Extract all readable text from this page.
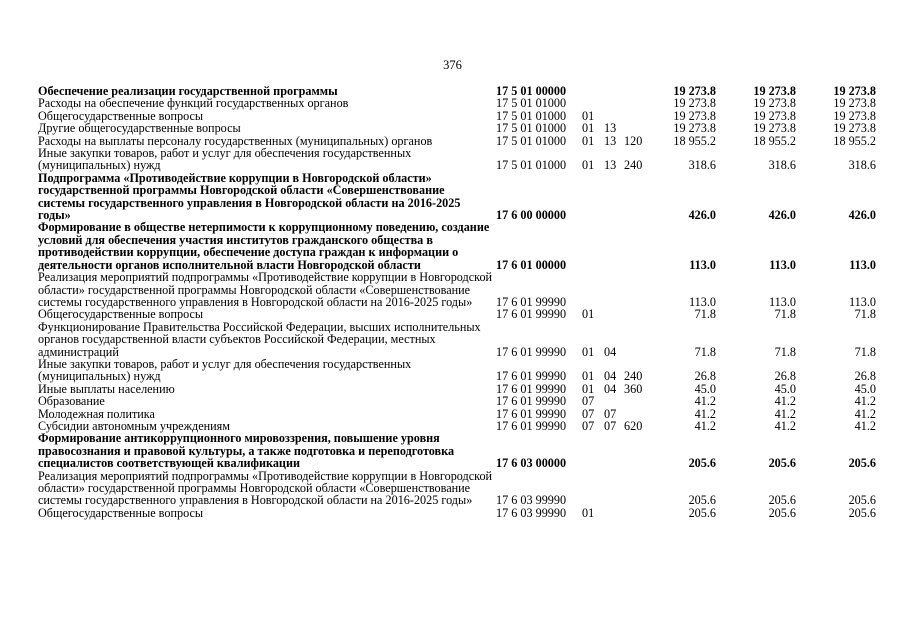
376
Обеспечение реализации государственной программы	17 5 01 00000	19 273.8	19 273.8	19 273.8
Расходы на обеспечение функций государственных органов	17 5 01 01000	19 273.8	19 273.8	19 273.8
Общегосударственные вопросы	17 5 01 01000	01	19 273.8	19 273.8	19 273.8
Другие общегосударственные вопросы	17 5 01 01000	01 13	19 273.8	19 273.8	19 273.8
Расходы на выплаты персоналу государственных (муниципальных) органов	17 5 01 01000	01 13 120	18 955.2	18 955.2	18 955.2
Иные закупки товаров, работ и услуг для обеспечения государственных (муниципальных) нужд	17 5 01 01000	01 13 240	318.6	318.6	318.6
Подпрограмма «Противодействие коррупции в Новгородской области» государственной программы Новгородской области «Совершенствование системы государственного управления в Новгородской области на 2016-2025 годы»	17 6 00 00000	426.0	426.0	426.0
Формирование в обществе нетерпимости к коррупционному поведению, создание условий для обеспечения участия институтов гражданского общества в противодействии коррупции, обеспечение доступа граждан к информации о деятельности органов исполнительной власти Новгородской области	17 6 01 00000	113.0	113.0	113.0
Реализация мероприятий подпрограммы «Противодействие коррупции в Новгородской области» государственной программы Новгородской области «Совершенствование системы государственного управления в Новгородской области на 2016-2025 годы»	17 6 01 99990	113.0	113.0	113.0
Общегосударственные вопросы	17 6 01 99990	01	71.8	71.8	71.8
Функционирование Правительства Российской Федерации, высших исполнительных органов государственной власти субъектов Российской Федерации, местных администраций	17 6 01 99990	01 04	71.8	71.8	71.8
Иные закупки товаров, работ и услуг для обеспечения государственных (муниципальных) нужд	17 6 01 99990	01 04 240	26.8	26.8	26.8
Иные выплаты населению	17 6 01 99990	01 04 360	45.0	45.0	45.0
Образование	17 6 01 99990	07	41.2	41.2	41.2
Молодежная политика	17 6 01 99990	07 07	41.2	41.2	41.2
Субсидии автономным учреждениям	17 6 01 99990	07 07 620	41.2	41.2	41.2
Формирование антикоррупционного мировоззрения, повышение уровня правосознания и правовой культуры, а также подготовка и переподготовка специалистов соответствующей квалификации	17 6 03 00000	205.6	205.6	205.6
Реализация мероприятий подпрограммы «Противодействие коррупции в Новгородской области» государственной программы Новгородской области «Совершенствование системы государственного управления в Новгородской области на 2016-2025 годы»	17 6 03 99990	205.6	205.6	205.6
Общегосударственные вопросы	17 6 03 99990	01	205.6	205.6	205.6
